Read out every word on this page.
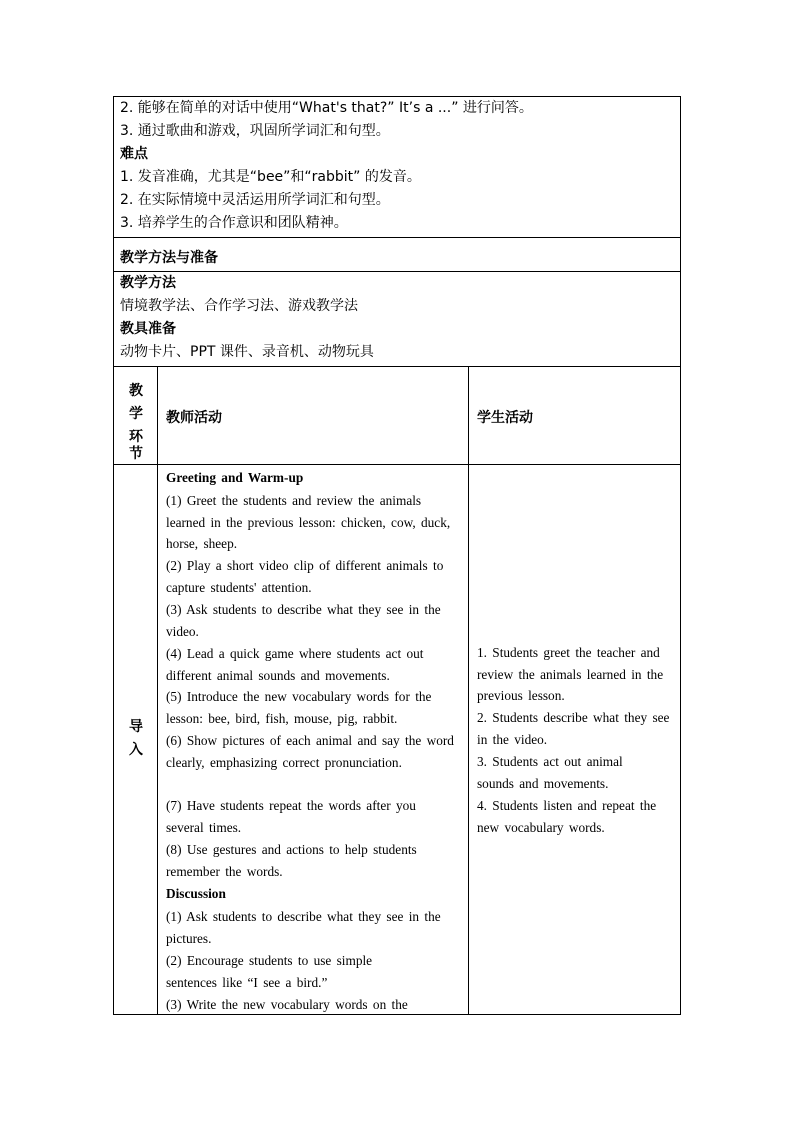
2. 能够在简单的对话中使用“What's that?” It’s a ...” 进行问答。
3. 通过歌曲和游戏，巩固所学词汇和句型。
难点
1. 发音准确，尤其是“bee”和“rabbit” 的发音。
2. 在实际情境中灵活运用所学词汇和句型。
3. 培养学生的合作意识和团队精神。
教学方法与准备
教学方法
情境教学法、合作学习法、游戏教学法
教具准备
动物卡片、PPT 课件、录音机、动物玩具
教
学
环
节
教师活动	学生活动
导
入
Greeting and Warm-up
(1) Greet the students and review the animals learned in the previous lesson: chicken, cow, duck, horse, sheep.
(2) Play a short video clip of different animals to capture students' attention.
(3) Ask students to describe what they see in the video.
(4) Lead a quick game where students act out different animal sounds and movements.
(5) Introduce the new vocabulary words for the lesson: bee, bird, fish, mouse, pig, rabbit.
(6) Show pictures of each animal and say the word clearly, emphasizing correct pronunciation.
(7) Have students repeat the words after you several times.
(8) Use gestures and actions to help students remember the words.
Discussion
(1) Ask students to describe what they see in the pictures.
(2) Encourage students to use simple sentences like “I see a bird.”
(3) Write the new vocabulary words on the
1. Students greet the teacher and review the animals learned in the previous lesson.
2. Students describe what they see in the video.
3. Students act out animal sounds and movements.
4. Students listen and repeat the new vocabulary words.
